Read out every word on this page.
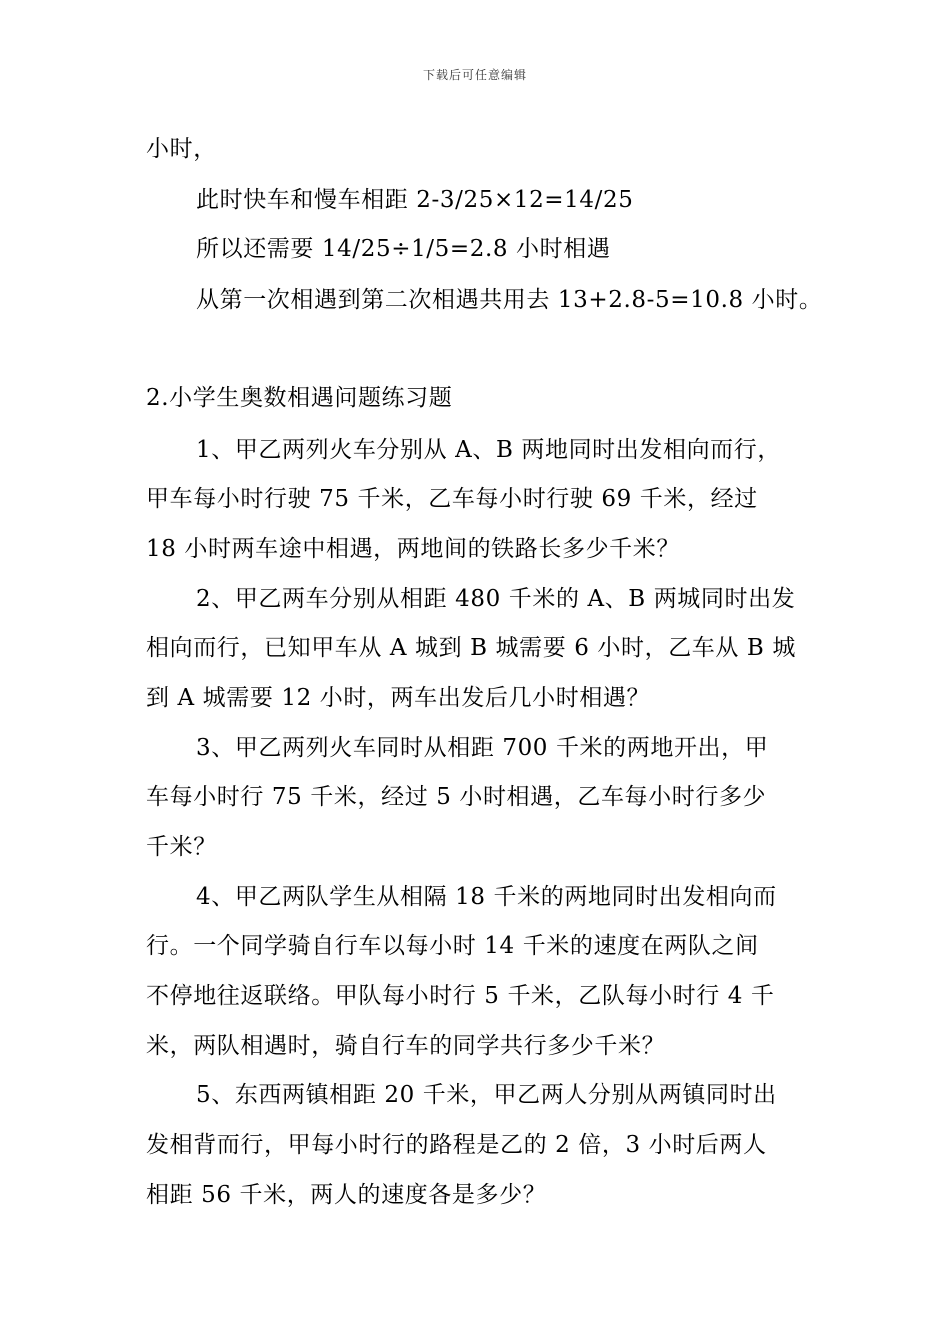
下载后可任意编辑
小时，
此时快车和慢车相距 2-3/25×12=14/25
所以还需要 14/25÷1/5=2.8 小时相遇
从第一次相遇到第二次相遇共用去 13+2.8-5=10.8 小时。
2.小学生奥数相遇问题练习题
1、甲乙两列火车分别从 A、B 两地同时出发相向而行，
甲车每小时行驶 75 千米，乙车每小时行驶 69 千米，经过
18 小时两车途中相遇，两地间的铁路长多少千米？
2、甲乙两车分别从相距 480 千米的 A、B 两城同时出发
相向而行，已知甲车从 A 城到 B 城需要 6 小时，乙车从 B 城
到 A 城需要 12 小时，两车出发后几小时相遇？
3、甲乙两列火车同时从相距 700 千米的两地开出，甲
车每小时行 75 千米，经过 5 小时相遇，乙车每小时行多少
千米？
4、甲乙两队学生从相隔 18 千米的两地同时出发相向而
行。一个同学骑自行车以每小时 14 千米的速度在两队之间
不停地往返联络。甲队每小时行 5 千米，乙队每小时行 4 千
米，两队相遇时，骑自行车的同学共行多少千米？
5、东西两镇相距 20 千米，甲乙两人分别从两镇同时出
发相背而行，甲每小时行的路程是乙的 2 倍，3 小时后两人
相距 56 千米，两人的速度各是多少？
